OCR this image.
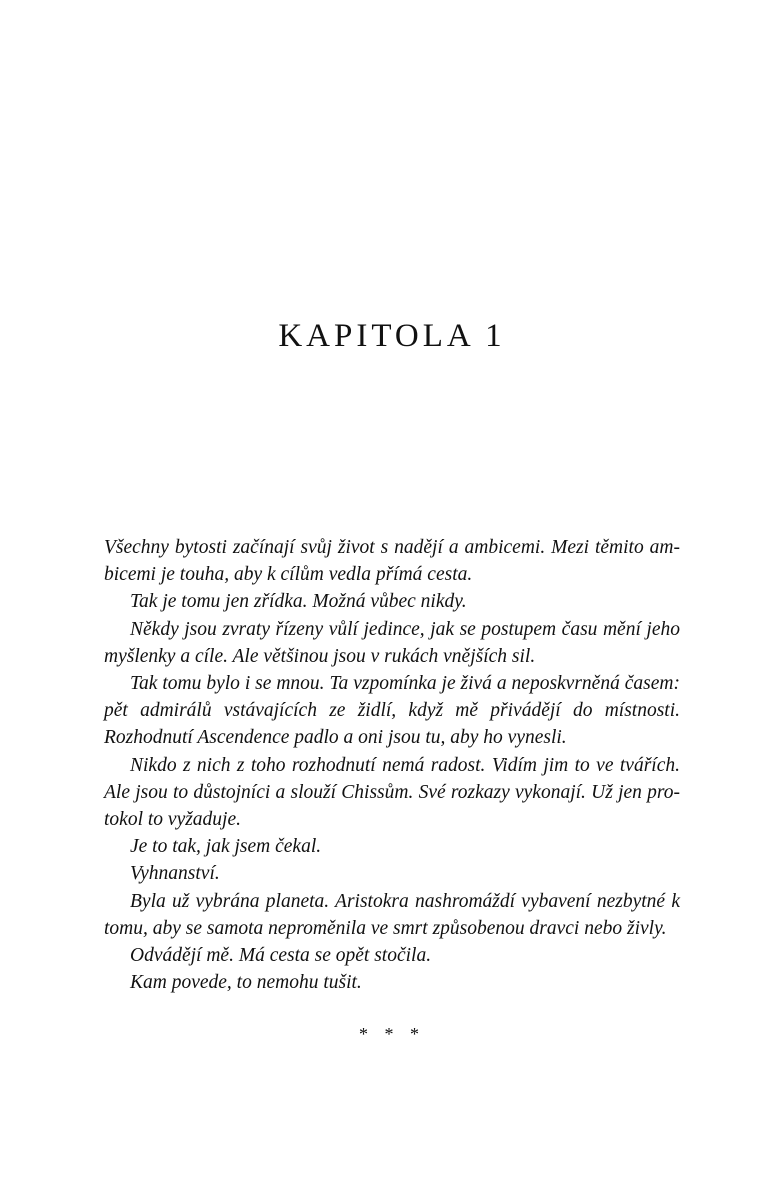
KAPITOLA 1

Všechny bytosti začínají svůj život s nadějí a ambicemi. Mezi těmito ambicemi je touha, aby k cílům vedla přímá cesta.

Tak je tomu jen zřídka. Možná vůbec nikdy.

Někdy jsou zvraty řízeny vůlí jedince, jak se postupem času mění jeho myšlenky a cíle. Ale většinou jsou v rukách vnějších sil.

Tak tomu bylo i se mnou. Ta vzpomínka je živá a neposkvrněná časem: pět admirálů vstávajících ze židlí, když mě přivádějí do místnosti. Rozhodnutí Ascendence padlo a oni jsou tu, aby ho vynesli.

Nikdo z nich z toho rozhodnutí nemá radost. Vidím jim to ve tvářích. Ale jsou to důstojníci a slouží Chissům. Své rozkazy vykonají. Už jen protokol to vyžaduje.

Je to tak, jak jsem čekal.

Vyhnanství.

Byla už vybrána planeta. Aristokra nashromáždí vybavení nezbytné k tomu, aby se samota neproměnila ve smrt způsobenou dravci nebo živly.

Odvádějí mě. Má cesta se opět stočila.

Kam povede, to nemohu tušit.

* * *
